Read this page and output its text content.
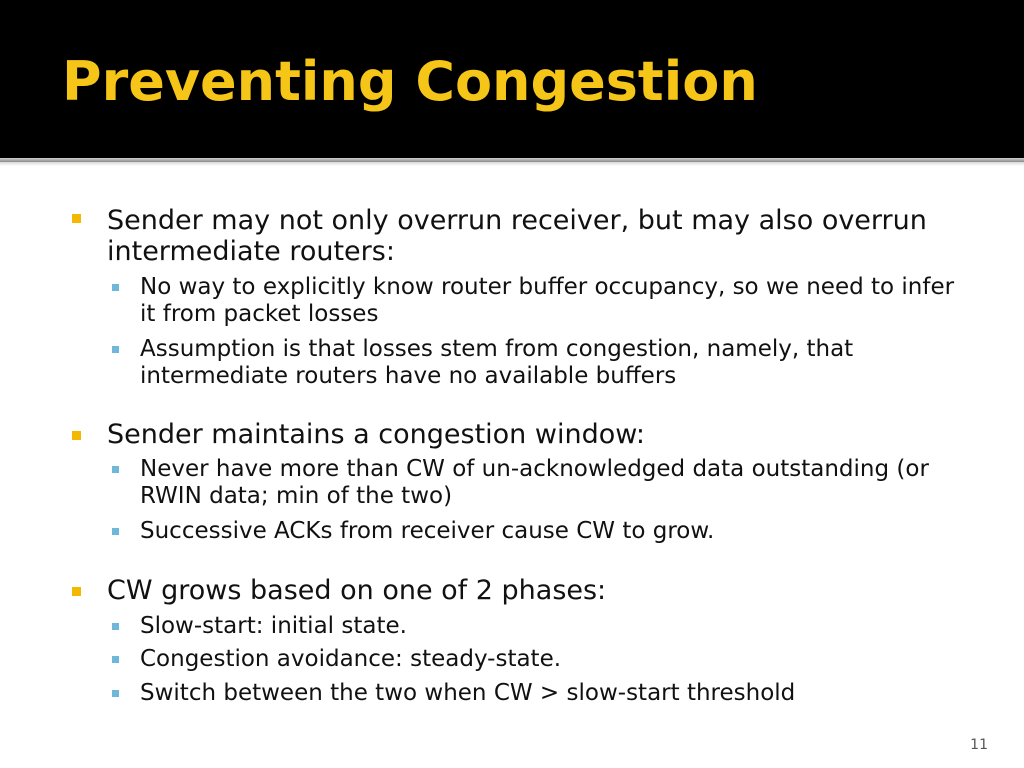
Preventing Congestion

Sender may not only overrun receiver, but may also overrun intermediate routers:

No way to explicitly know router buffer occupancy, so we need to infer it from packet losses

Assumption is that losses stem from congestion, namely, that intermediate routers have no available buffers

Sender maintains a congestion window:

Never have more than CW of un-acknowledged data outstanding (or RWIN data; min of the two)

Successive ACKs from receiver cause CW to grow.

CW grows based on one of 2 phases:

Slow-start: initial state.

Congestion avoidance: steady-state.

Switch between the two when CW > slow-start threshold

11
